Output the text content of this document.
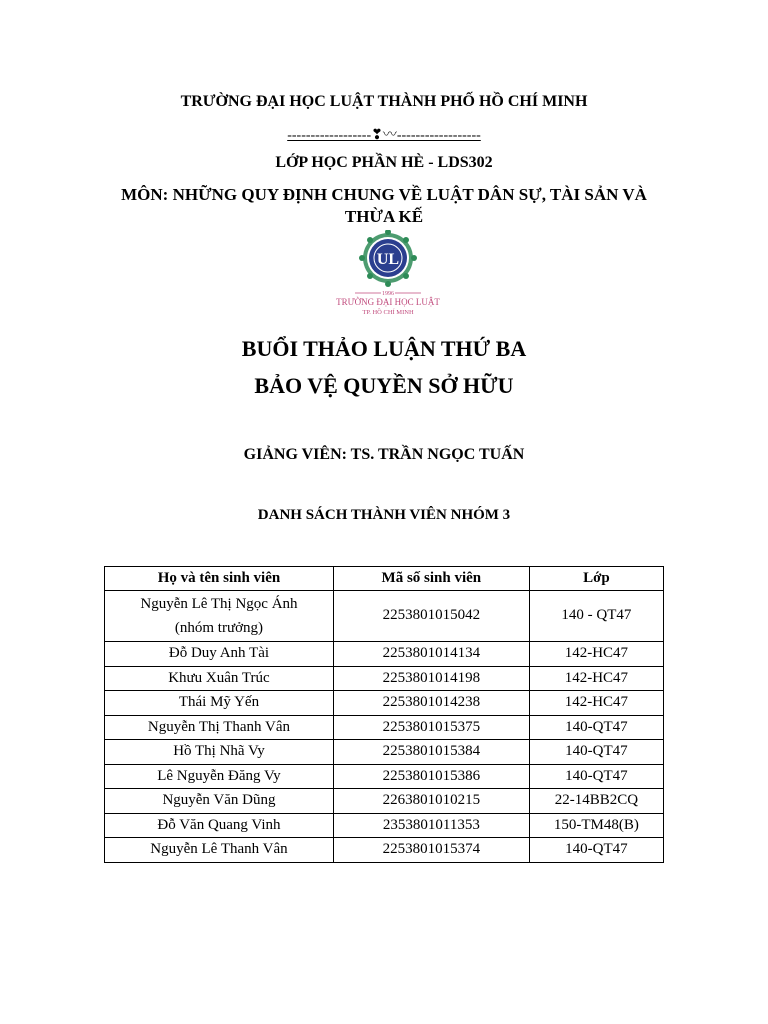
TRƯỜNG ĐẠI HỌC LUẬT THÀNH PHỐ HỒ CHÍ MINH
------------------❣〰------------------
LỚP HỌC PHẦN HÈ - LDS302
MÔN: NHỮNG QUY ĐỊNH CHUNG VỀ LUẬT DÂN SỰ, TÀI SẢN VÀ THỪA KẾ
UL
1996
TRƯỜNG ĐẠI HỌC LUẬT
TP. HỒ CHÍ MINH
BUỔI THẢO LUẬN THỨ BA
BẢO VỆ QUYỀN SỞ HỮU
GIẢNG VIÊN: TS. TRẦN NGỌC TUẤN
DANH SÁCH THÀNH VIÊN NHÓM 3
Họ và tên sinh viên	Mã số sinh viên	Lớp
Nguyễn Lê Thị Ngọc Ánh
(nhóm trưởng)	2253801015042	140 - QT47
Đỗ Duy Anh Tài	2253801014134	142-HC47
Khưu Xuân Trúc	2253801014198	142-HC47
Thái Mỹ Yến	2253801014238	142-HC47
Nguyễn Thị Thanh Vân	2253801015375	140-QT47
Hồ Thị Nhã Vy	2253801015384	140-QT47
Lê Nguyễn Đăng Vy	2253801015386	140-QT47
Nguyễn Văn Dũng	2263801010215	22-14BB2CQ
Đỗ Văn Quang Vinh	2353801011353	150-TM48(B)
Nguyễn Lê Thanh Vân	2253801015374	140-QT47
